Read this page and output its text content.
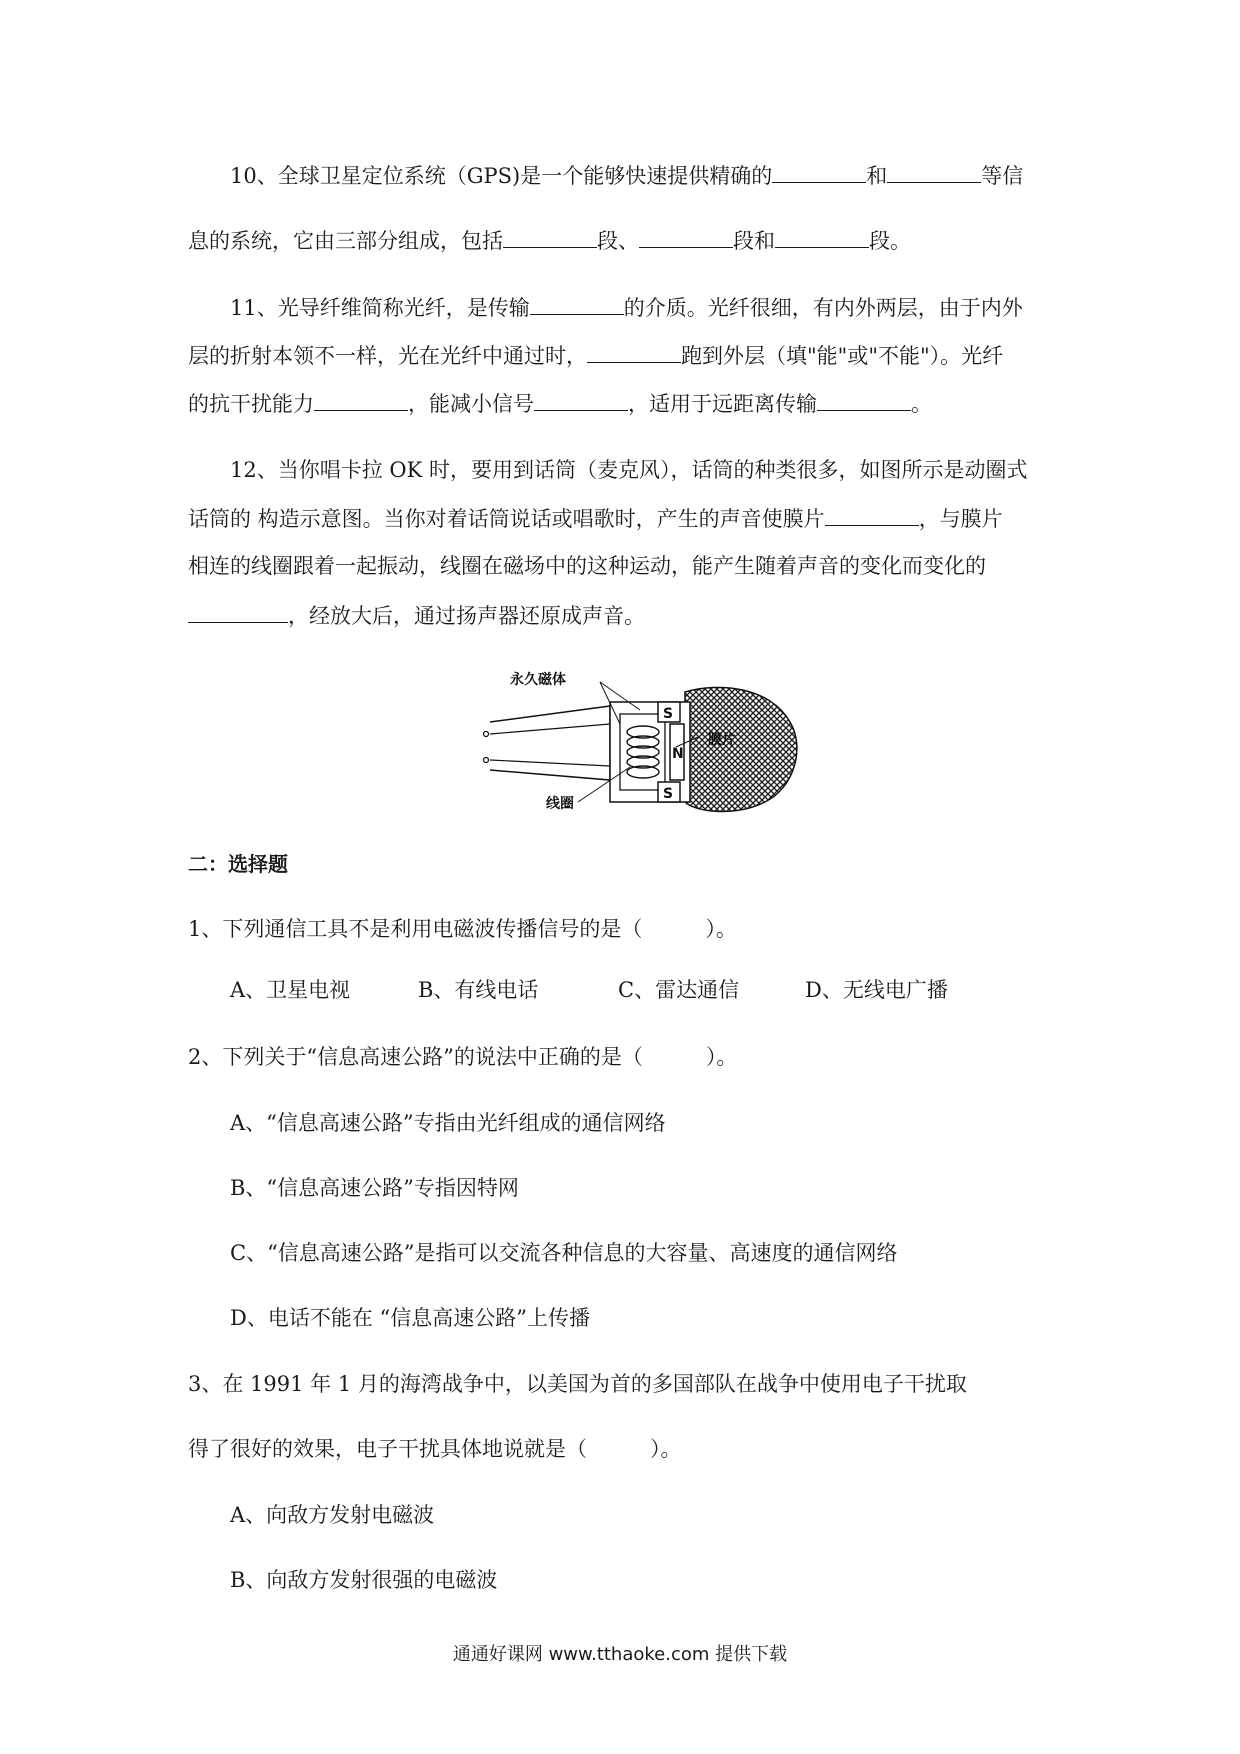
10、全球卫星定位系统（GPS)是一个能够快速提供精确的	和	等信
息的系统，它由三部分组成，包括	段、	段和	段。
11、光导纤维简称光纤，是传输	的介质。光纤很细，有内外两层，由于内外
层的折射本领不一样，光在光纤中通过时，	跑到外层（填"能"或"不能"）。光纤
的抗干扰能力	，能减小信号	，适用于远距离传输	。
12、当你唱卡拉 OK 时，要用到话筒（麦克风），话筒的种类很多，如图所示是动圈式
话筒的 构造示意图。当你对着话筒说话或唱歌时，产生的声音使膜片	，与膜片
相连的线圈跟着一起振动，线圈在磁场中的这种运动，能产生随着声音的变化而变化的
，经放大后，通过扬声器还原成声音。
永久磁体
膜片
线圈
S
N
S
二：选择题
1、下列通信工具不是利用电磁波传播信号的是（　　　）。
A、卫星电视	B、有线电话	C、雷达通信	D、无线电广播
2、下列关于“信息高速公路”的说法中正确的是（　　　）。
A、“信息高速公路”专指由光纤组成的通信网络
B、“信息高速公路”专指因特网
C、“信息高速公路”是指可以交流各种信息的大容量、高速度的通信网络
D、电话不能在 “信息高速公路”上传播
3、在 1991 年 1 月的海湾战争中，以美国为首的多国部队在战争中使用电子干扰取
得了很好的效果，电子干扰具体地说就是（　　　）。
A、向敌方发射电磁波
B、向敌方发射很强的电磁波
通通好课网 www.tthaoke.com 提供下载
